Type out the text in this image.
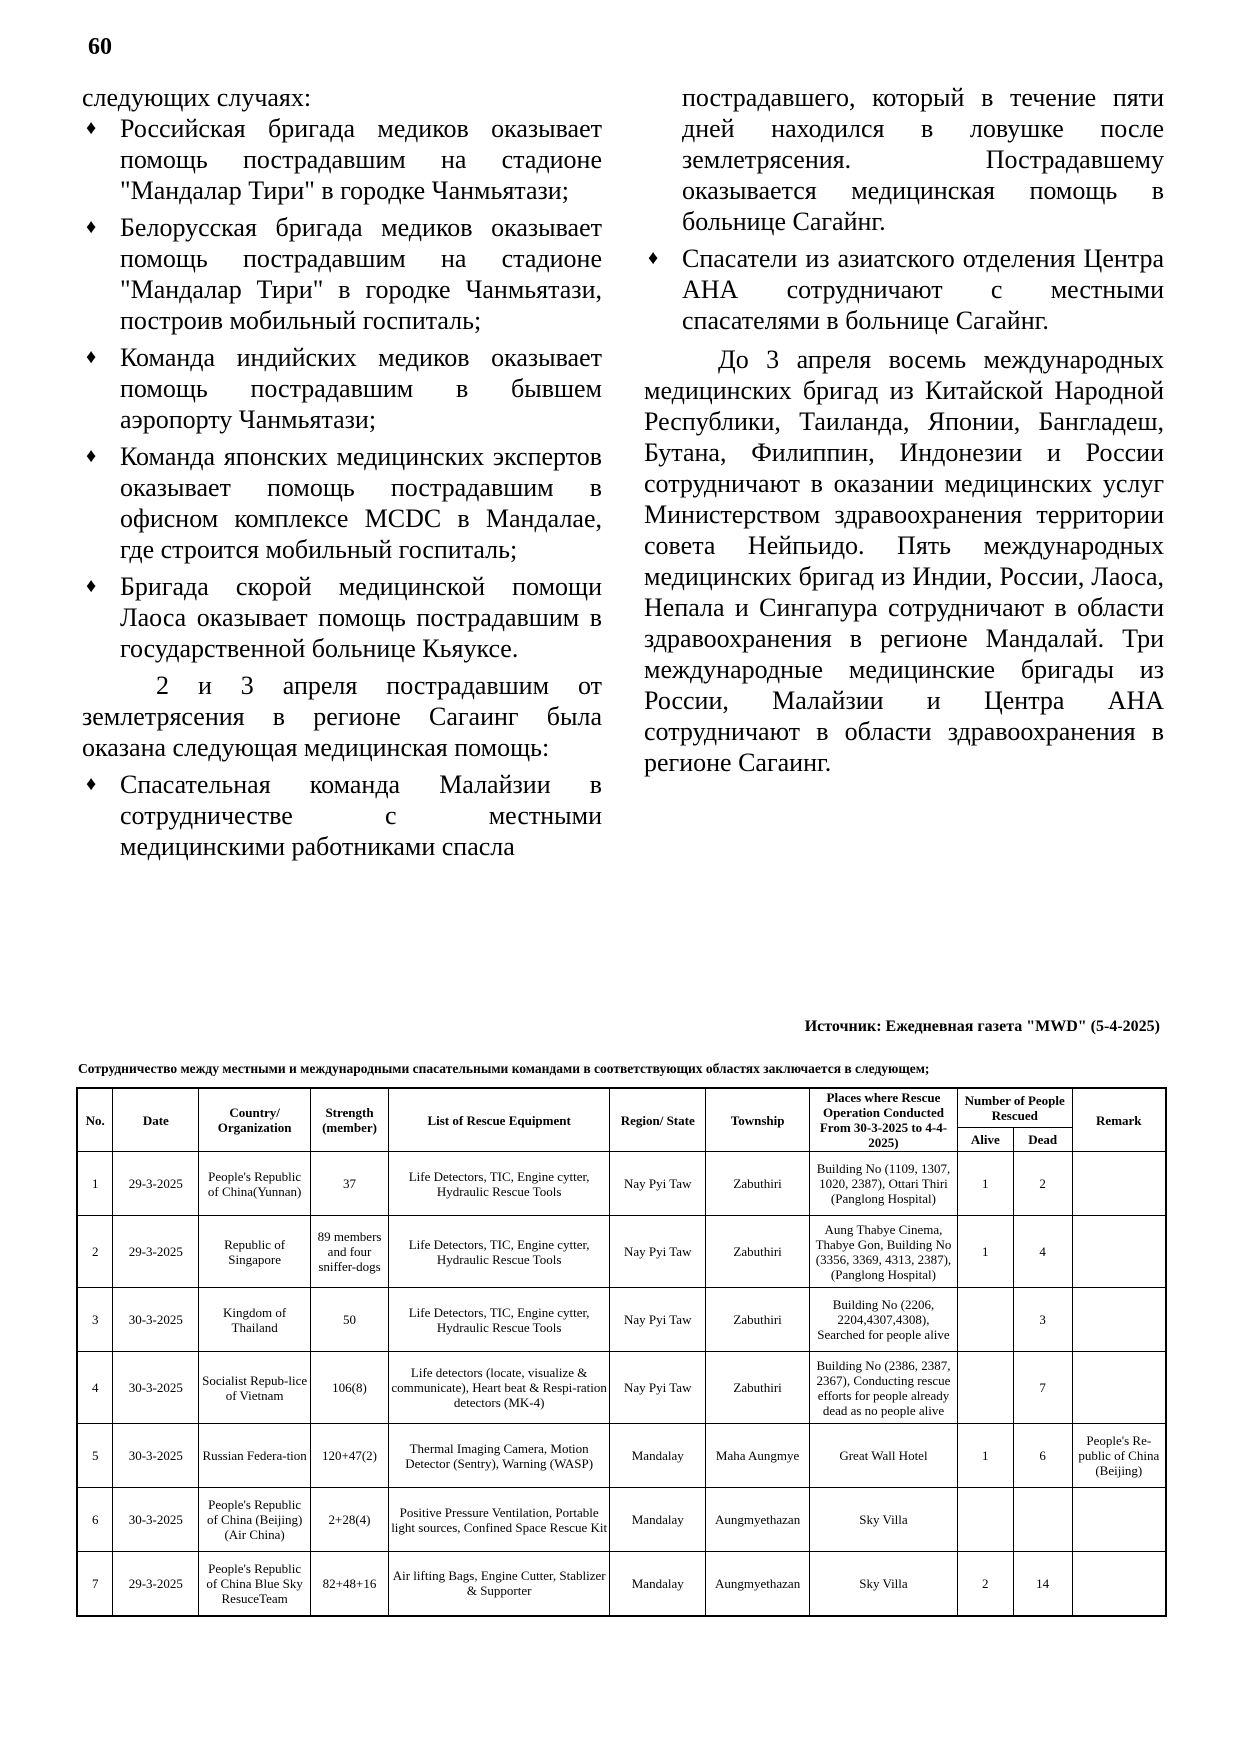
60

следующих случаях:

♦ Российская бригада медиков оказывает помощь пострадавшим на стадионе "Мандалар Тири" в городке Чанмьятази;
♦ Белорусская бригада медиков оказывает помощь пострадавшим на стадионе "Мандалар Тири" в городке Чанмьятази, построив мобильный госпиталь;
♦ Команда индийских медиков оказывает помощь пострадавшим в бывшем аэропорту Чанмьятази;
♦ Команда японских медицинских экспертов оказывает помощь пострадавшим в офисном комплексе MCDC в Мандалае, где строится мобильный госпиталь;
♦ Бригада скорой медицинской помощи Лаоса оказывает помощь пострадавшим в государственной больнице Кьяуксе.

2 и 3 апреля пострадавшим от землетрясения в регионе Сагаинг была оказана следующая медицинская помощь:

♦ Спасательная команда Малайзии в сотрудничестве с местными медицинскими работниками спасла

пострадавшего, который в течение пяти дней находился в ловушке после землетрясения. Пострадавшему оказывается медицинская помощь в больнице Сагайнг.

♦ Спасатели из азиатского отделения Центра АНА сотрудничают с местными спасателями в больнице Сагайнг.

До 3 апреля восемь международных медицинских бригад из Китайской Народной Республики, Таиланда, Японии, Бангладеш, Бутана, Филиппин, Индонезии и России сотрудничают в оказании медицинских услуг Министерством здравоохранения территории совета Нейпьидо. Пять международных медицинских бригад из Индии, России, Лаоса, Непала и Сингапура сотрудничают в области здравоохранения в регионе Мандалай. Три международные медицинские бригады из России, Малайзии и Центра АНА сотрудничают в области здравоохранения в регионе Сагаинг.

Источник: Ежедневная газета "MWD" (5-4-2025)
Сотрудничество между местными и международными спасательными командами в соответствующих областях заключается в следующем;
No.	Date	Country/ Organization	Strength (member)	List of Rescue Equipment	Region/ State	Township	Places where Rescue Operation Conducted From 30-3-2025 to 4-4-2025)	Number of People Rescued		Remark
								Alive	Dead	
1	29-3-2025	People's Republic of China(Yunnan)	37	Life Detectors, TIC, Engine cytter, Hydraulic Rescue Tools	Nay Pyi Taw	Zabuthiri	Building No (1109, 1307, 1020, 2387), Ottari Thiri (Panglong Hospital)	1	2	
2	29-3-2025	Republic of Singapore	89 members and four sniffer-dogs	Life Detectors, TIC, Engine cytter, Hydraulic Rescue Tools	Nay Pyi Taw	Zabuthiri	Aung Thabye Cinema, Thabye Gon, Building No (3356, 3369, 4313, 2387), (Panglong Hospital)	1	4	
3	30-3-2025	Kingdom of Thailand	50	Life Detectors, TIC, Engine cytter, Hydraulic Rescue Tools	Nay Pyi Taw	Zabuthiri	Building No (2206, 2204,4307,4308), Searched for people alive		3	
4	30-3-2025	Socialist Repub-lice of Vietnam	106(8)	Life detectors (locate, visualize & communicate), Heart beat & Respi-ration detectors (MK-4)	Nay Pyi Taw	Zabuthiri	Building No (2386, 2387, 2367), Conducting rescue efforts for people already dead as no people alive		7	
5	30-3-2025	Russian Federa-tion	120+47(2)	Thermal Imaging Camera, Motion Detector (Sentry), Warning (WASP)	Mandalay	Maha Aungmye	Great Wall Hotel	1	6	People's Re-public of China (Beijing)
6	30-3-2025	People's Republic of China (Beijing) (Air China)	2+28(4)	Positive Pressure Ventilation, Portable light sources, Confined Space Rescue Kit	Mandalay	Aungmyethazan	Sky Villa			
7	29-3-2025	People's Republic of China Blue Sky ResuceTeam	82+48+16	Air lifting Bags, Engine Cutter, Stablizer & Supporter	Mandalay	Aungmyethazan	Sky Villa	2	14	
